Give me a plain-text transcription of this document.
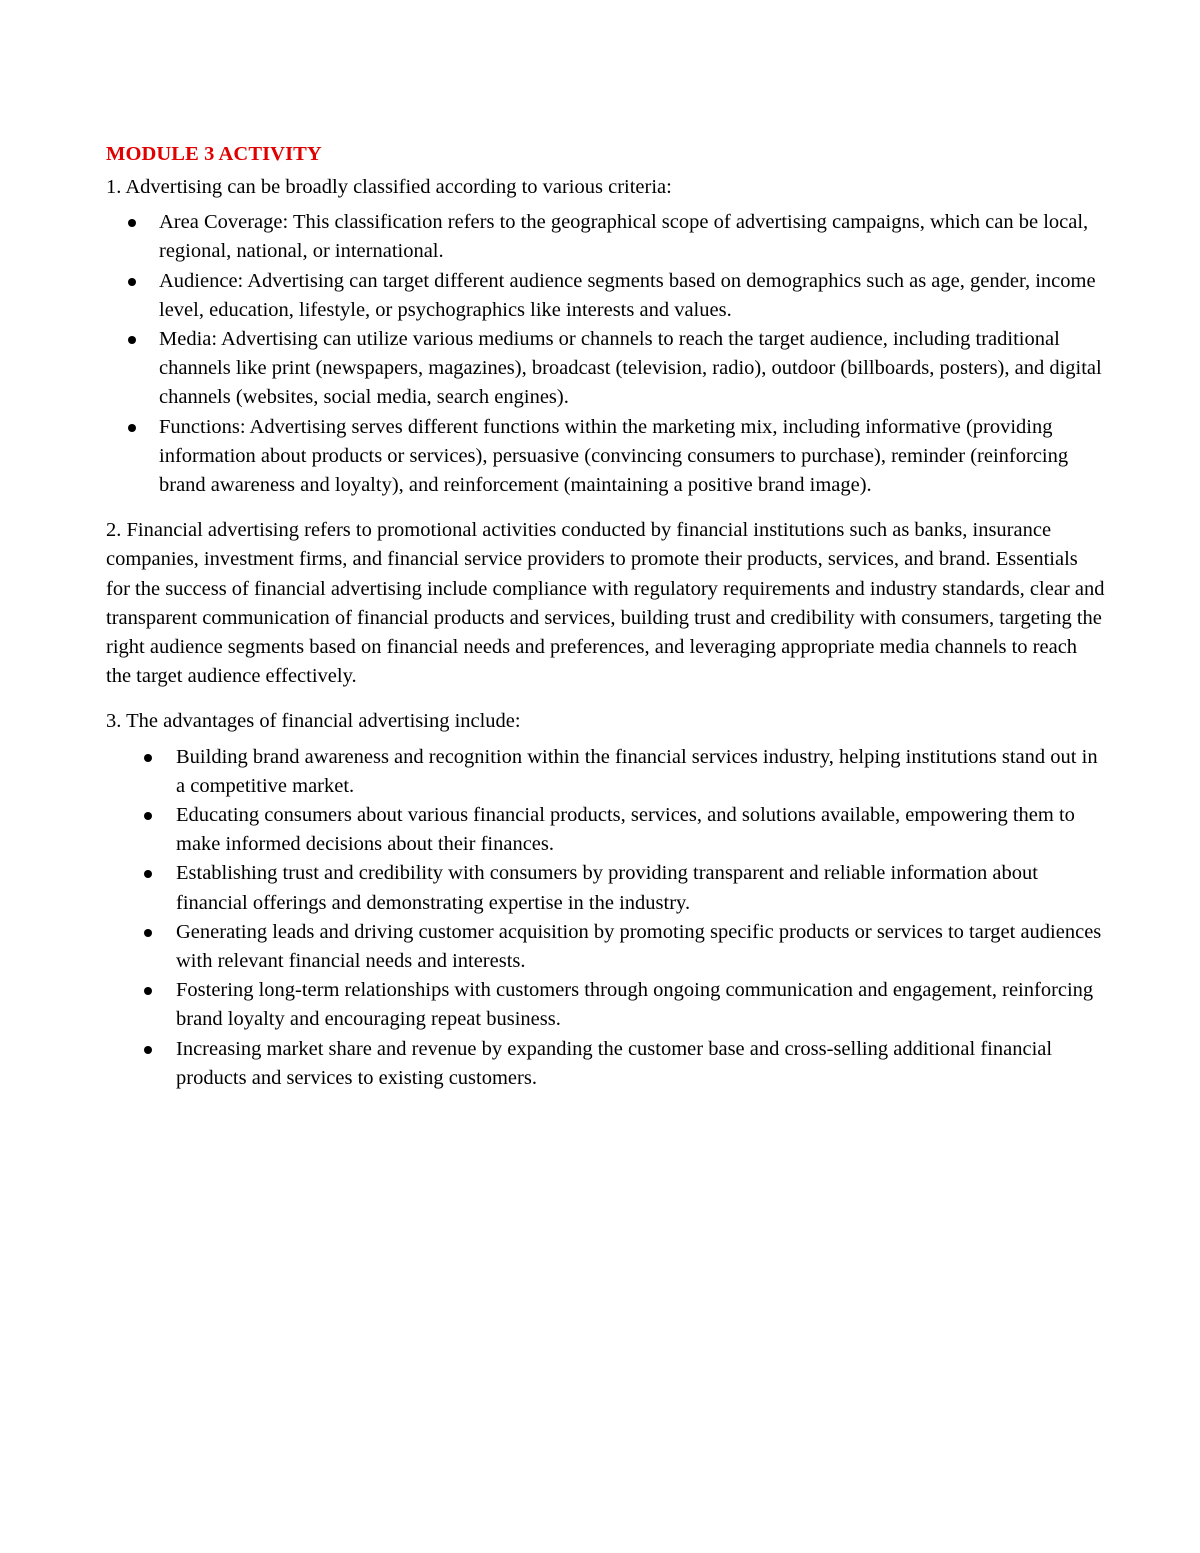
MODULE 3 ACTIVITY

1. Advertising can be broadly classified according to various criteria:

Area Coverage: This classification refers to the geographical scope of advertising campaigns, which can be local, regional, national, or international.
Audience: Advertising can target different audience segments based on demographics such as age, gender, income level, education, lifestyle, or psychographics like interests and values.
Media: Advertising can utilize various mediums or channels to reach the target audience, including traditional channels like print (newspapers, magazines), broadcast (television, radio), outdoor (billboards, posters), and digital channels (websites, social media, search engines).
Functions: Advertising serves different functions within the marketing mix, including informative (providing information about products or services), persuasive (convincing consumers to purchase), reminder (reinforcing brand awareness and loyalty), and reinforcement (maintaining a positive brand image).

2. Financial advertising refers to promotional activities conducted by financial institutions such as banks, insurance companies, investment firms, and financial service providers to promote their products, services, and brand. Essentials for the success of financial advertising include compliance with regulatory requirements and industry standards, clear and transparent communication of financial products and services, building trust and credibility with consumers, targeting the right audience segments based on financial needs and preferences, and leveraging appropriate media channels to reach the target audience effectively.

3. The advantages of financial advertising include:

Building brand awareness and recognition within the financial services industry, helping institutions stand out in a competitive market.
Educating consumers about various financial products, services, and solutions available, empowering them to make informed decisions about their finances.
Establishing trust and credibility with consumers by providing transparent and reliable information about financial offerings and demonstrating expertise in the industry.
Generating leads and driving customer acquisition by promoting specific products or services to target audiences with relevant financial needs and interests.
Fostering long-term relationships with customers through ongoing communication and engagement, reinforcing brand loyalty and encouraging repeat business.
Increasing market share and revenue by expanding the customer base and cross-selling additional financial products and services to existing customers.
